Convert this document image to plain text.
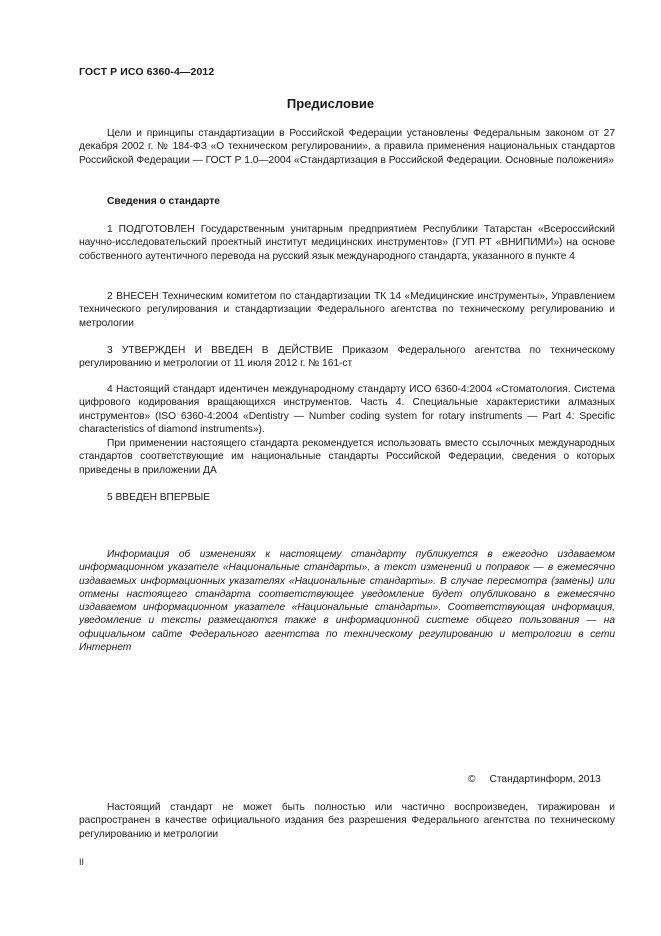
ГОСТ Р ИСО 6360-4—2012
Предисловие
Цели и принципы стандартизации в Российской Федерации установлены Федеральным законом от 27 декабря 2002 г. № 184-ФЗ «О техническом регулировании», а правила применения национальных стандартов Российской Федерации — ГОСТ Р 1.0—2004 «Стандартизация в Российской Федерации. Основные положения»
Сведения о стандарте
1 ПОДГОТОВЛЕН Государственным унитарным предприятием Республики Татарстан «Всероссийский научно-исследовательский проектный институт медицинских инструментов» (ГУП РТ «ВНИПИМИ») на основе собственного аутентичного перевода на русский язык международного стандарта, указанного в пункте 4
2 ВНЕСЕН Техническим комитетом по стандартизации ТК 14 «Медицинские инструменты», Управлением технического регулирования и стандартизации Федерального агентства по техническому регулированию и метрологии
3 УТВЕРЖДЕН И ВВЕДЕН В ДЕЙСТВИЕ Приказом Федерального агентства по техническому регулированию и метрологии от 11 июля 2012 г. № 161-ст
4 Настоящий стандарт идентичен международному стандарту ИСО 6360-4:2004 «Стоматология. Система цифрового кодирования вращающихся инструментов. Часть 4. Специальные характеристики алмазных инструментов» (ISO 6360-4:2004 «Dentistry — Number coding system for rotary instruments — Part 4: Specific characteristics of diamond instruments»).
При применении настоящего стандарта рекомендуется использовать вместо ссылочных международных стандартов соответствующие им национальные стандарты Российской Федерации, сведения о которых приведены в приложении ДА
5 ВВЕДЕН ВПЕРВЫЕ
Информация об изменениях к настоящему стандарту публикуется в ежегодно издаваемом информационном указателе «Национальные стандарты», а текст изменений и поправок — в ежемесячно издаваемых информационных указателях «Национальные стандарты». В случае пересмотра (замены) или отмены настоящего стандарта соответствующее уведомление будет опубликовано в ежемесячно издаваемом информационном указателе «Национальные стандарты». Соответствующая информация, уведомление и тексты размещаются также в информационной системе общего пользования — на официальном сайте Федерального агентства по техническому регулированию и метрологии в сети Интернет
© Стандартинформ, 2013
Настоящий стандарт не может быть полностью или частично воспроизведен, тиражирован и распространен в качестве официального издания без разрешения Федерального агентства по техническому регулированию и метрологии
II
